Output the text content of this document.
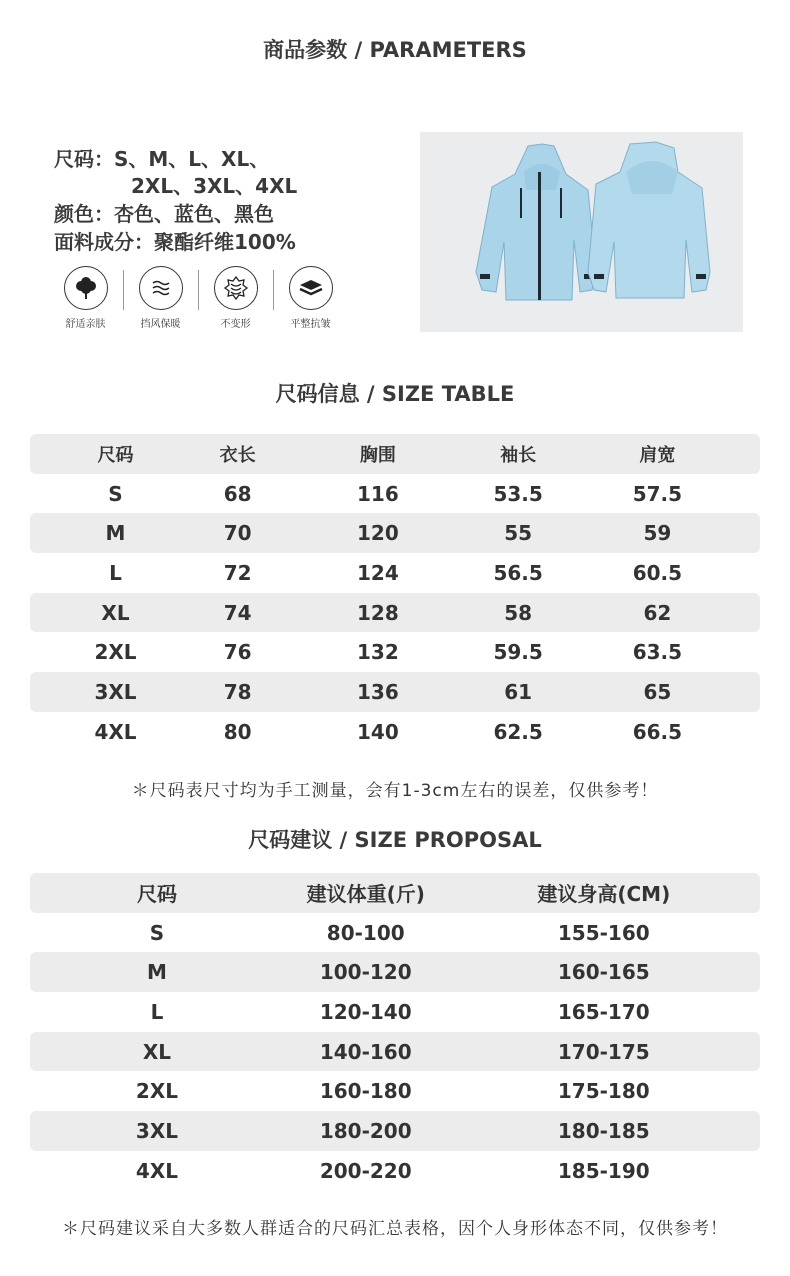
商品参数 / PARAMETERS
尺码：S、M、L、XL、
2XL、3XL、4XL
颜色：杏色、蓝色、黑色
面料成分：聚酯纤维100%
舒适亲肤	挡风保暖	不变形	平整抗皱
尺码信息 / SIZE TABLE
尺码	衣长	胸围	袖长	肩宽
S	68	116	53.5	57.5
M	70	120	55	59
L	72	124	56.5	60.5
XL	74	128	58	62
2XL	76	132	59.5	63.5
3XL	78	136	61	65
4XL	80	140	62.5	66.5
＊尺码表尺寸均为手工测量，会有1-3cm左右的误差，仅供参考！
尺码建议 / SIZE PROPOSAL
尺码	建议体重(斤)	建议身高(CM)
S	80-100	155-160
M	100-120	160-165
L	120-140	165-170
XL	140-160	170-175
2XL	160-180	175-180
3XL	180-200	180-185
4XL	200-220	185-190
＊尺码建议采自大多数人群适合的尺码汇总表格，因个人身形体态不同，仅供参考！
